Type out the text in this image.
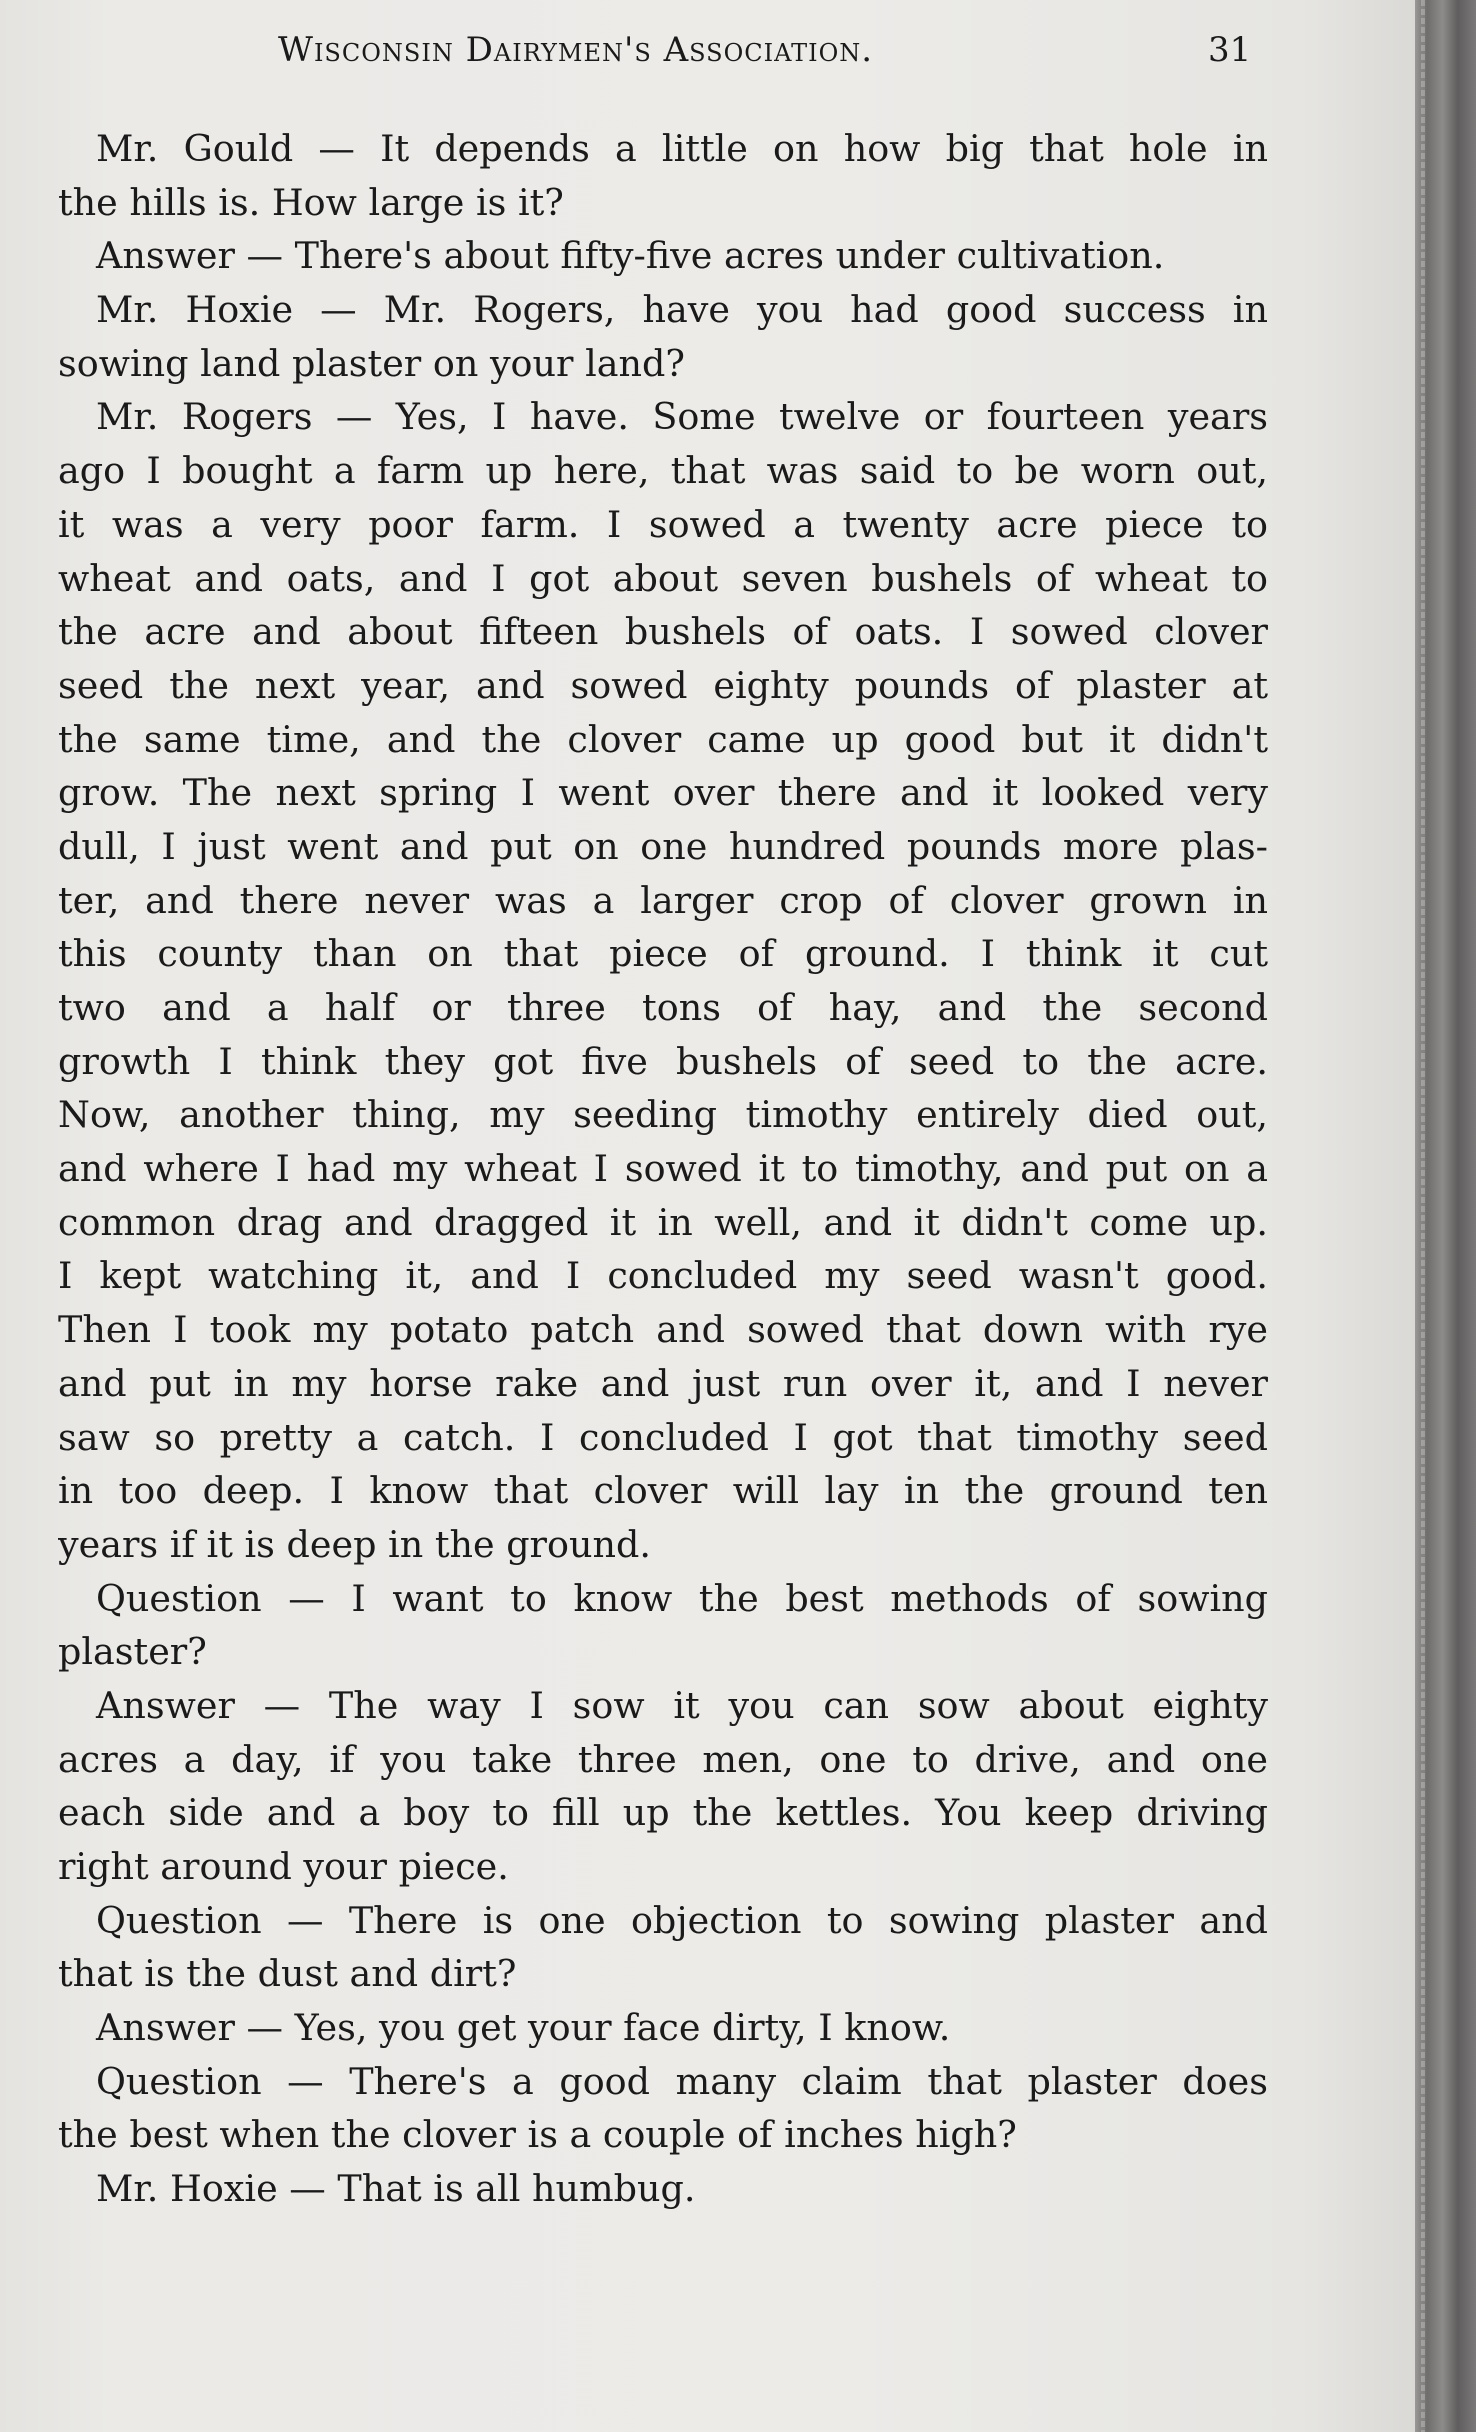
Wisconsin Dairymen's Association.	31
Mr. Gould — It depends a little on how big that hole in
the hills is. How large is it?
Answer — There's about fifty-five acres under cultivation.
Mr. Hoxie — Mr. Rogers, have you had good success in
sowing land plaster on your land?
Mr. Rogers — Yes, I have. Some twelve or fourteen years
ago I bought a farm up here, that was said to be worn out,
it was a very poor farm. I sowed a twenty acre piece to
wheat and oats, and I got about seven bushels of wheat to
the acre and about fifteen bushels of oats. I sowed clover
seed the next year, and sowed eighty pounds of plaster at
the same time, and the clover came up good but it didn't
grow. The next spring I went over there and it looked very
dull, I just went and put on one hundred pounds more plas-
ter, and there never was a larger crop of clover grown in
this county than on that piece of ground. I think it cut
two and a half or three tons of hay, and the second
growth I think they got five bushels of seed to the acre.
Now, another thing, my seeding timothy entirely died out,
and where I had my wheat I sowed it to timothy, and put on a
common drag and dragged it in well, and it didn't come up.
I kept watching it, and I concluded my seed wasn't good.
Then I took my potato patch and sowed that down with rye
and put in my horse rake and just run over it, and I never
saw so pretty a catch. I concluded I got that timothy seed
in too deep. I know that clover will lay in the ground ten
years if it is deep in the ground.
Question — I want to know the best methods of sowing
plaster?
Answer — The way I sow it you can sow about eighty
acres a day, if you take three men, one to drive, and one
each side and a boy to fill up the kettles. You keep driving
right around your piece.
Question — There is one objection to sowing plaster and
that is the dust and dirt?
Answer — Yes, you get your face dirty, I know.
Question — There's a good many claim that plaster does
the best when the clover is a couple of inches high?
Mr. Hoxie — That is all humbug.
